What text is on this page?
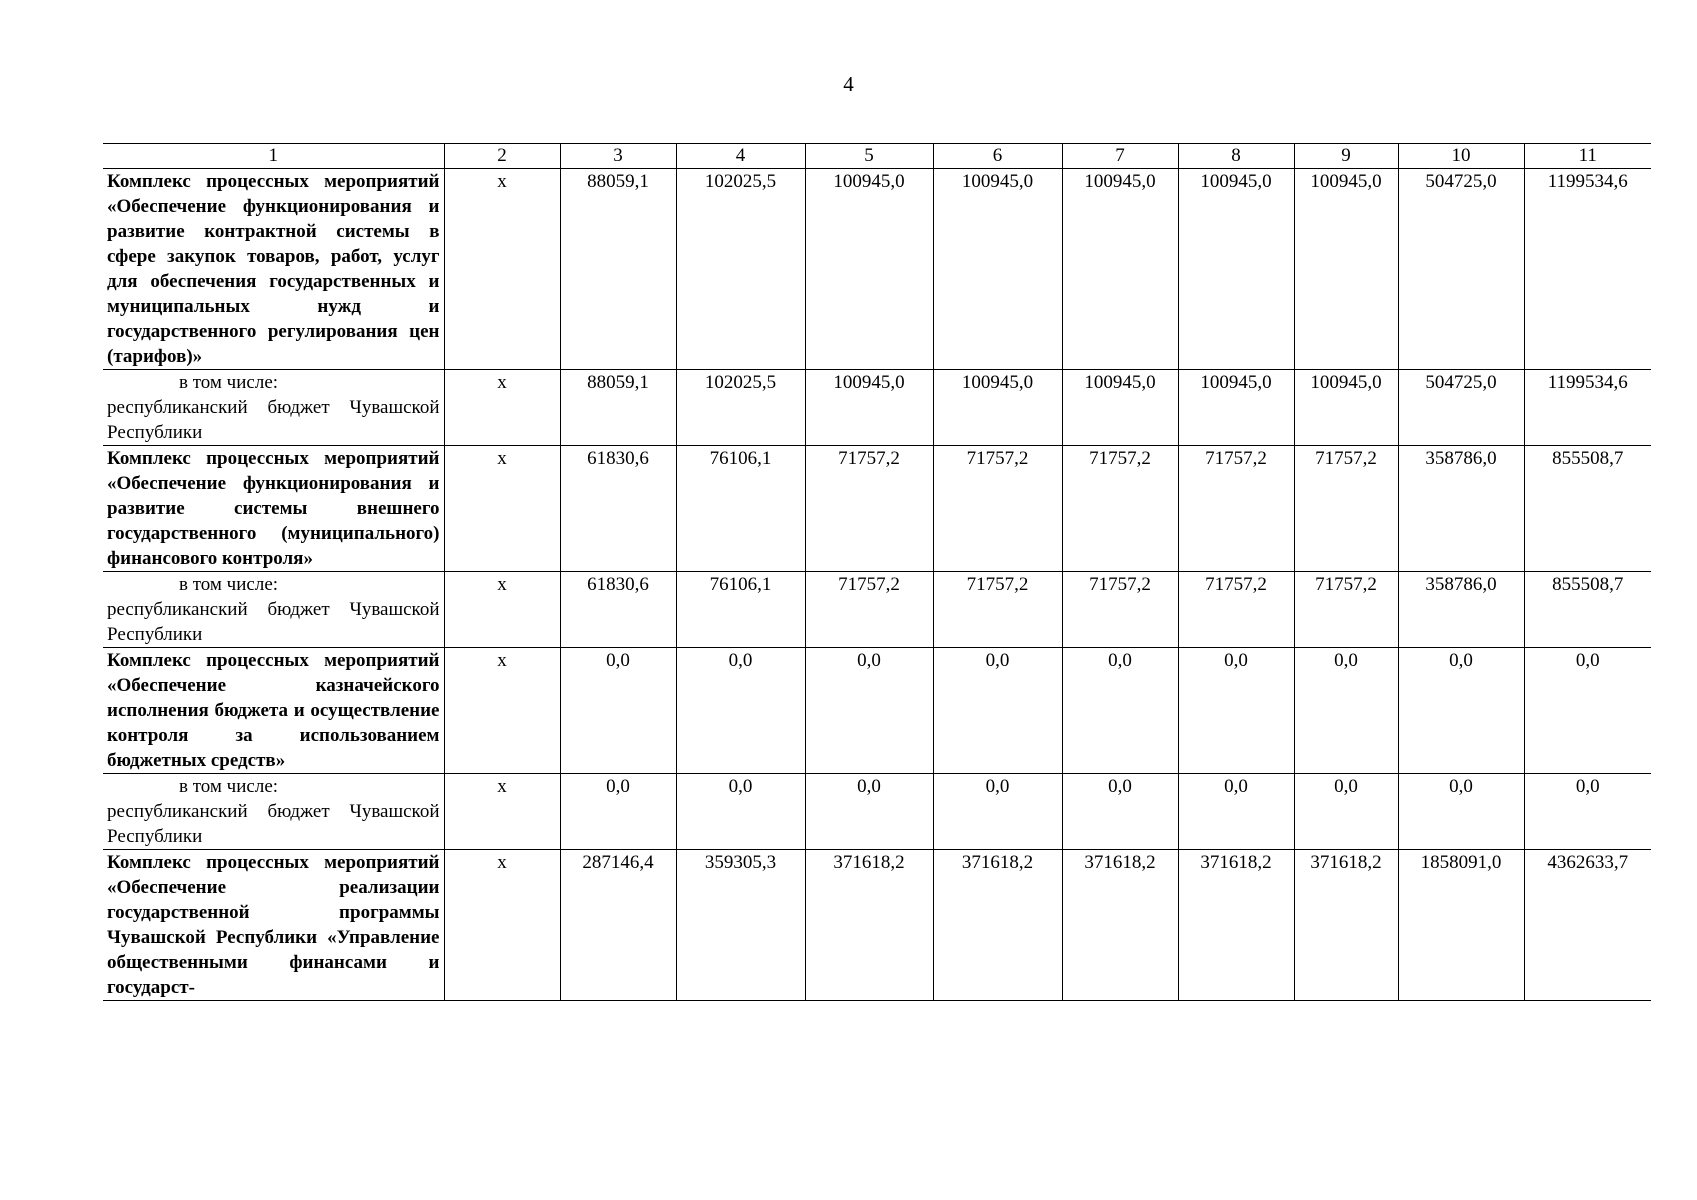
4
1	2	3	4	5	6	7	8	9	10	11
Комплекс процессных мероприятий «Обеспечение функционирования и развитие контрактной системы в сфере закупок товаров, работ, услуг для обеспечения государственных и муниципальных нужд и государственного регулирования цен (тарифов)»	x	88059,1	102025,5	100945,0	100945,0	100945,0	100945,0	100945,0	504725,0	1199534,6

в том числе:
республиканский бюджет Чувашской Республики	x	88059,1	102025,5	100945,0	100945,0	100945,0	100945,0	100945,0	504725,0	1199534,6
Комплекс процессных мероприятий «Обеспечение функционирования и развитие системы внешнего государственного (муниципального) финансового контроля»	x	61830,6	76106,1	71757,2	71757,2	71757,2	71757,2	71757,2	358786,0	855508,7

в том числе:
республиканский бюджет Чувашской Республики	x	61830,6	76106,1	71757,2	71757,2	71757,2	71757,2	71757,2	358786,0	855508,7
Комплекс процессных мероприятий «Обеспечение казначейского исполнения бюджета и осуществление контроля за использованием бюджетных средств»	x	0,0	0,0	0,0	0,0	0,0	0,0	0,0	0,0	0,0

в том числе:
республиканский бюджет Чувашской Республики	x	0,0	0,0	0,0	0,0	0,0	0,0	0,0	0,0	0,0
Комплекс процессных мероприятий «Обеспечение реализации государственной программы Чувашской Республики «Управление общественными финансами и государст-	x	287146,4	359305,3	371618,2	371618,2	371618,2	371618,2	371618,2	1858091,0	4362633,7
